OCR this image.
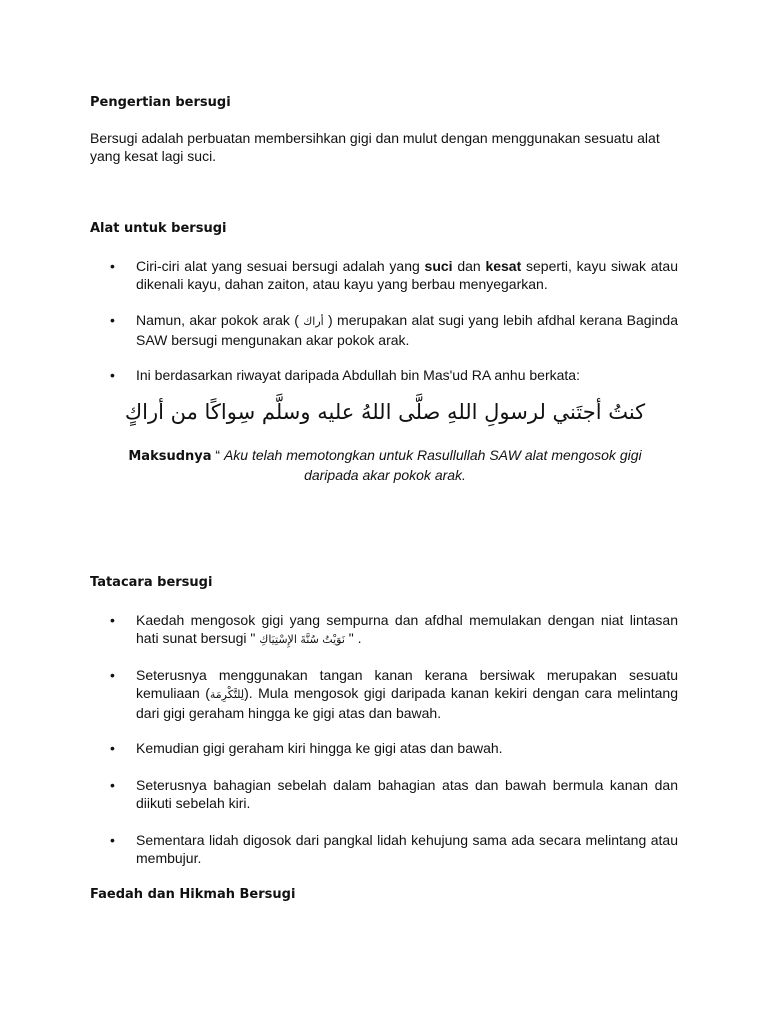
Pengertian bersugi
Bersugi adalah perbuatan membersihkan gigi dan mulut dengan menggunakan sesuatu alat yang kesat lagi suci.
Alat untuk bersugi
•	Ciri-ciri alat yang sesuai bersugi adalah yang suci dan kesat seperti, kayu siwak atau dikenali kayu, dahan zaiton, atau kayu yang berbau menyegarkan.
•	Namun, akar pokok arak ( أراك ) merupakan alat sugi yang lebih afdhal kerana Baginda SAW bersugi mengunakan akar pokok arak.
•	Ini berdasarkan riwayat daripada Abdullah bin Mas'ud RA anhu berkata:
كنتُ أجتَني لرسولِ اللهِ صلَّى اللهُ عليه وسلَّم سِواكًا من أراكٍ
Maksudnya “ Aku telah memotongkan untuk Rasullullah SAW alat mengosok gigi
daripada akar pokok arak.
Tatacara bersugi
•	Kaedah mengosok gigi yang sempurna dan afdhal memulakan dengan niat lintasan hati sunat bersugi " نَوَيْتُ سُنَّةَ الإِسْتِيَاكِ " .
•	Seterusnya menggunakan tangan kanan kerana bersiwak merupakan sesuatu kemuliaan (لِلتَّكْرِمَة). Mula mengosok gigi daripada kanan kekiri dengan cara melintang dari gigi geraham hingga ke gigi atas dan bawah.
•	Kemudian gigi geraham kiri hingga ke gigi atas dan bawah.
•	Seterusnya bahagian sebelah dalam bahagian atas dan bawah bermula kanan dan diikuti sebelah kiri.
•	Sementara lidah digosok dari pangkal lidah kehujung sama ada secara melintang atau membujur.
Faedah dan Hikmah Bersugi
